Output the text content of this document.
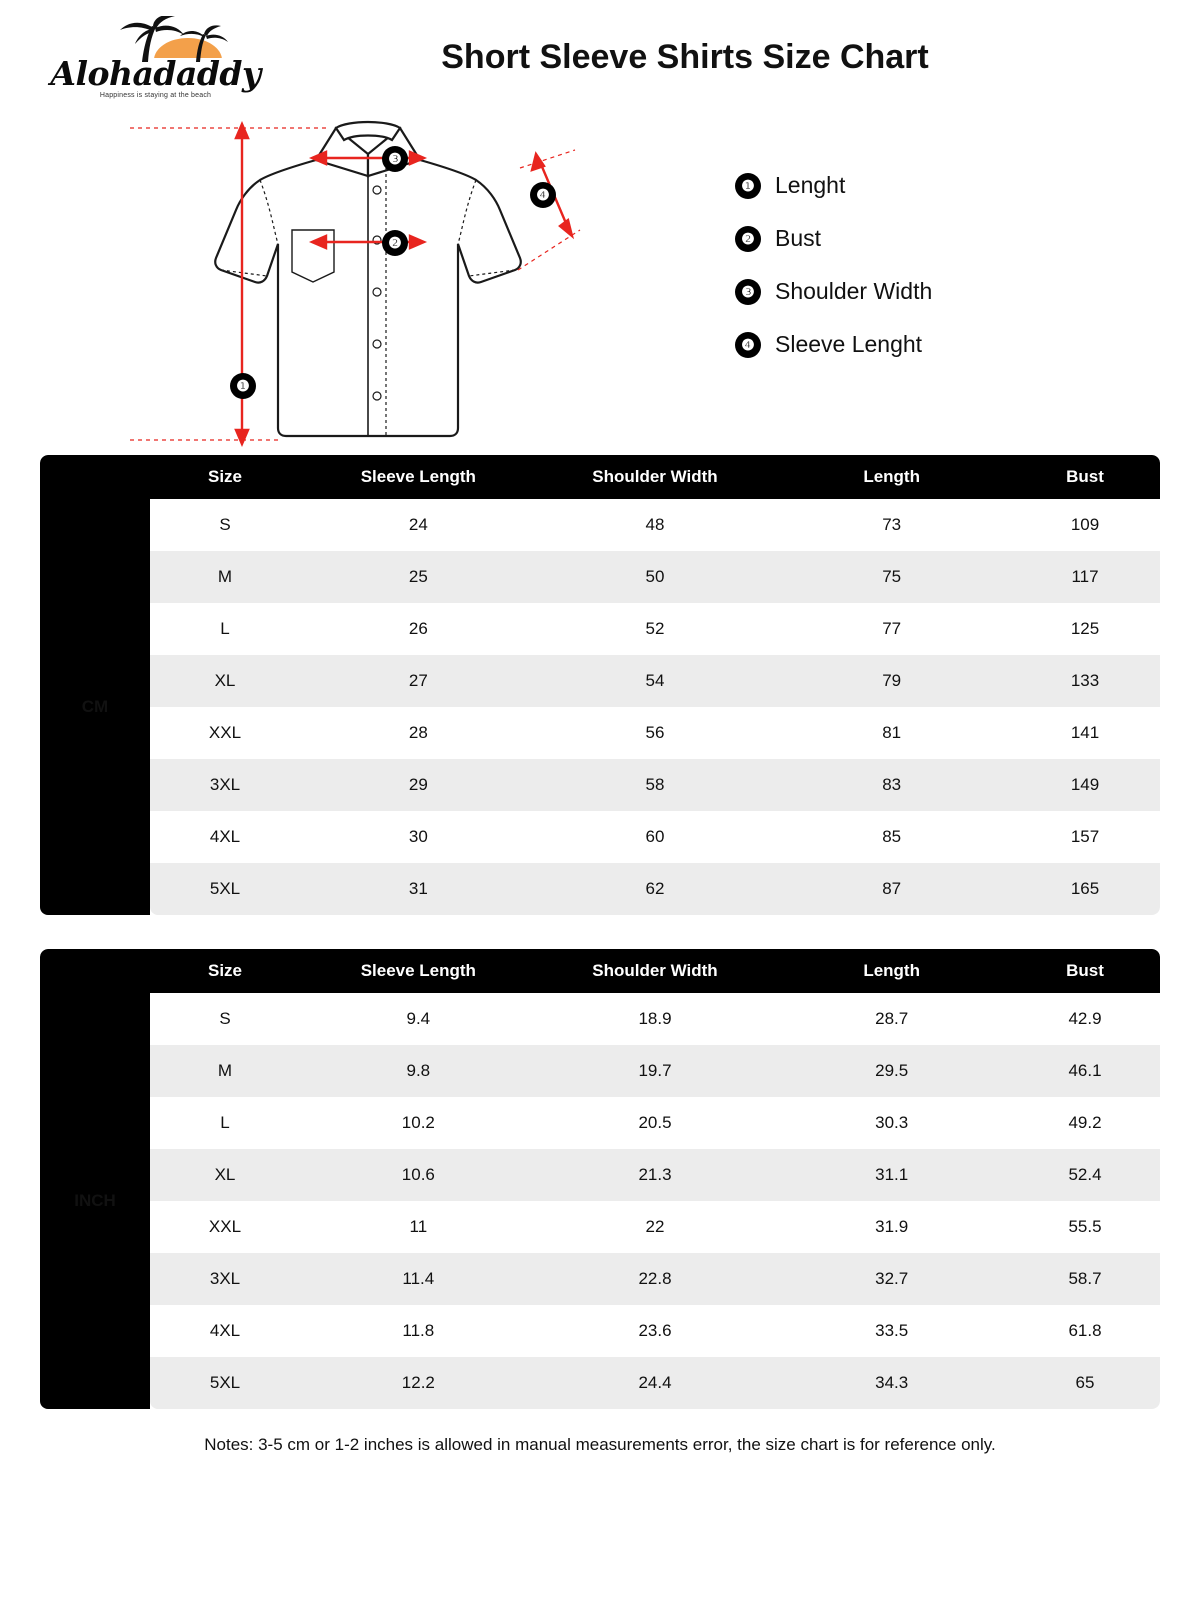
Alohadaddy
Happiness is staying at the beach
Short Sleeve Shirts Size Chart
❶
❷
❸
❹
❶ Lenght
❷ Bust
❸ Shoulder Width
❹ Sleeve Lenght
	Size	Sleeve Length	Shoulder Width	Length	Bust
CM	S	24	48	73	109
	M	25	50	75	117
	L	26	52	77	125
	XL	27	54	79	133
	XXL	28	56	81	141
	3XL	29	58	83	149
	4XL	30	60	85	157
	5XL	31	62	87	165
	Size	Sleeve Length	Shoulder Width	Length	Bust
INCH	S	9.4	18.9	28.7	42.9
	M	9.8	19.7	29.5	46.1
	L	10.2	20.5	30.3	49.2
	XL	10.6	21.3	31.1	52.4
	XXL	11	22	31.9	55.5
	3XL	11.4	22.8	32.7	58.7
	4XL	11.8	23.6	33.5	61.8
	5XL	12.2	24.4	34.3	65
Notes: 3-5 cm or 1-2 inches is allowed in manual measurements error, the size chart is for reference only.
